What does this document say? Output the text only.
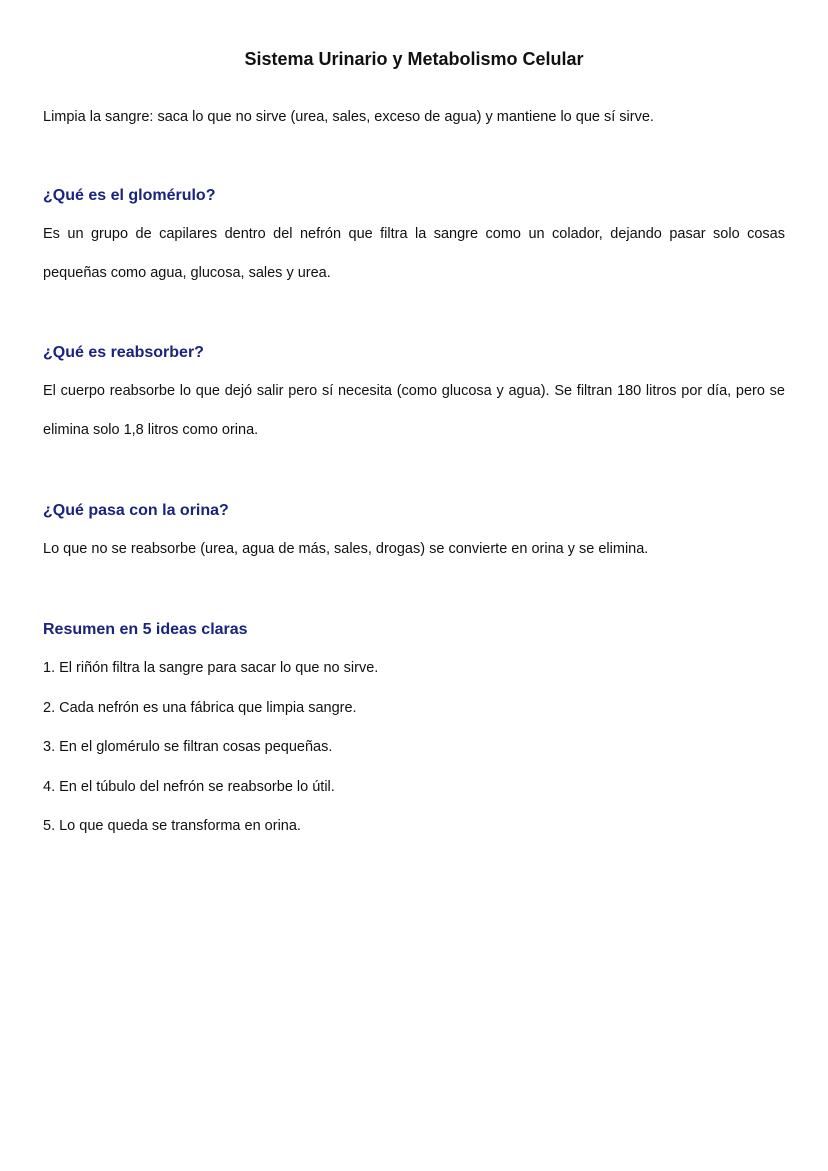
Sistema Urinario y Metabolismo Celular

Limpia la sangre: saca lo que no sirve (urea, sales, exceso de agua) y mantiene lo que sí sirve.

¿Qué es el glomérulo?

Es un grupo de capilares dentro del nefrón que filtra la sangre como un colador, dejando pasar solo cosas pequeñas como agua, glucosa, sales y urea.

¿Qué es reabsorber?

El cuerpo reabsorbe lo que dejó salir pero sí necesita (como glucosa y agua). Se filtran 180 litros por día, pero se elimina solo 1,8 litros como orina.

¿Qué pasa con la orina?

Lo que no se reabsorbe (urea, agua de más, sales, drogas) se convierte en orina y se elimina.

Resumen en 5 ideas claras
1. El riñón filtra la sangre para sacar lo que no sirve.
2. Cada nefrón es una fábrica que limpia sangre.
3. En el glomérulo se filtran cosas pequeñas.
4. En el túbulo del nefrón se reabsorbe lo útil.
5. Lo que queda se transforma en orina.
